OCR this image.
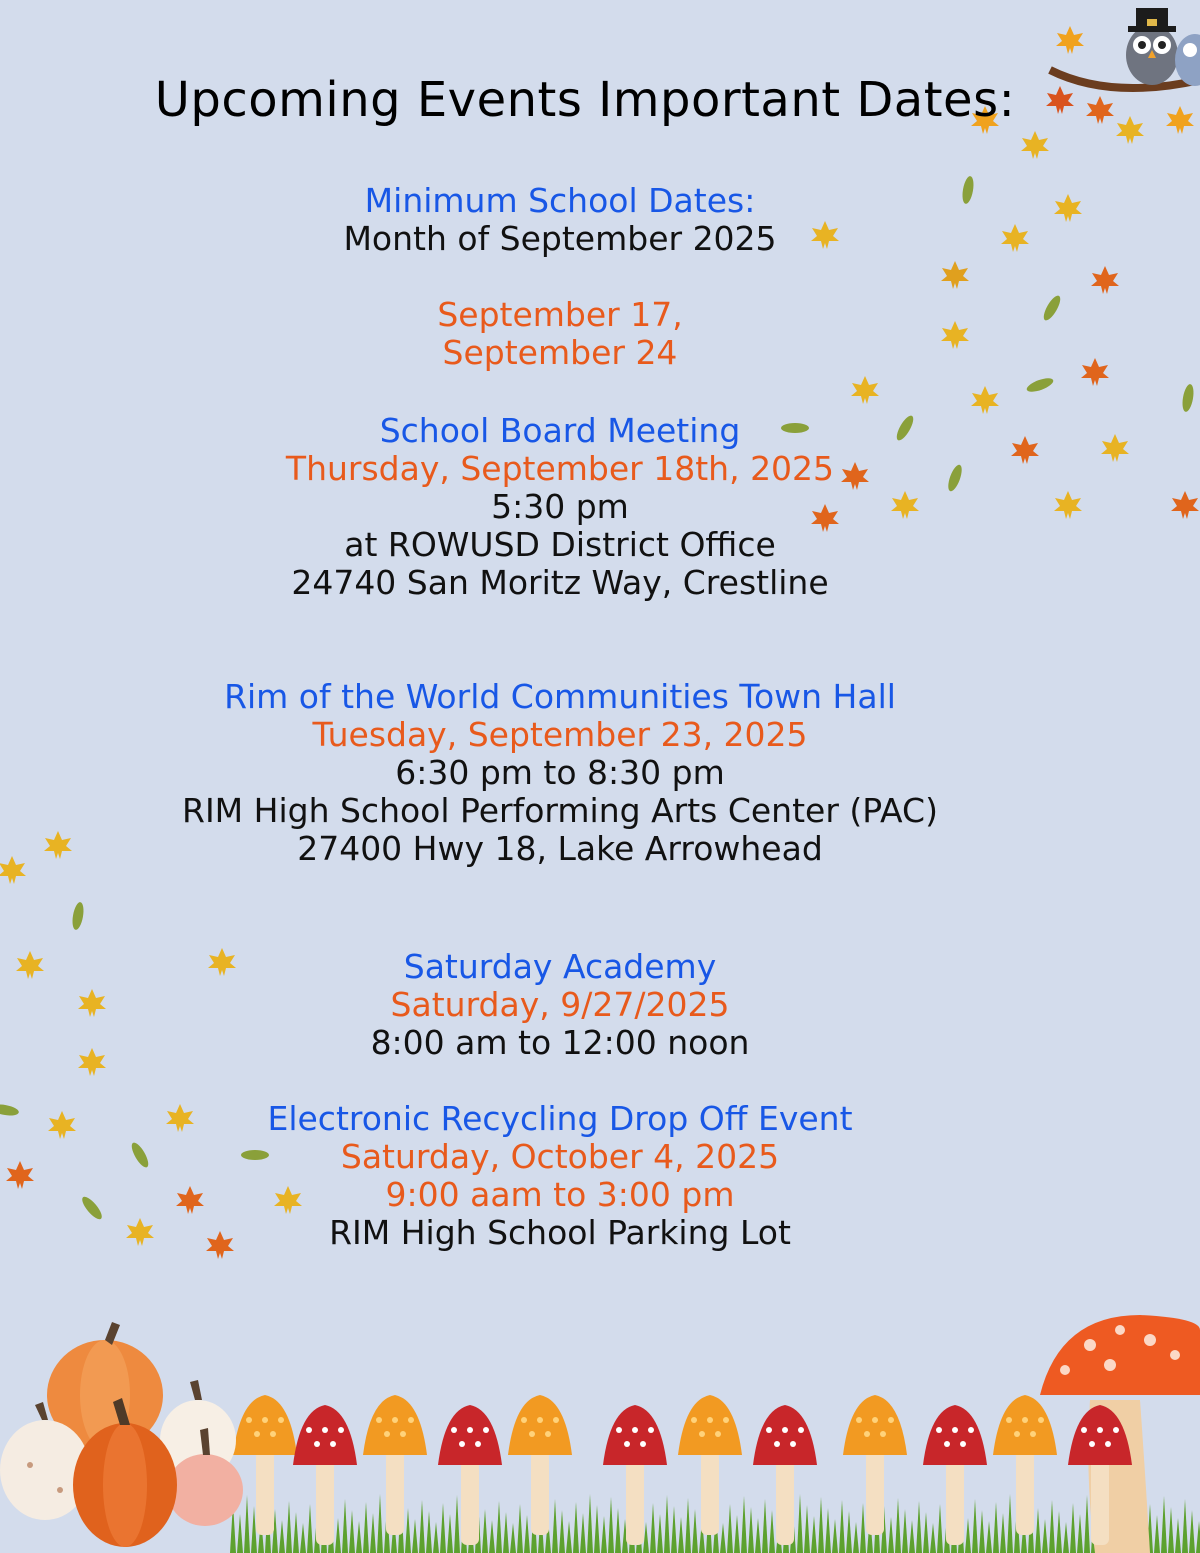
Upcoming Events Important Dates:
Minimum School Dates:
Month of September 2025
September 17,
September 24
School Board Meeting
Thursday, September 18th, 2025
5:30 pm
at ROWUSD District Office
24740 San Moritz Way, Crestline
Rim of the World Communities Town Hall
Tuesday, September 23, 2025
6:30 pm to 8:30 pm
RIM High School Performing Arts Center (PAC)
27400 Hwy 18, Lake Arrowhead
Saturday Academy
Saturday, 9/27/2025
8:00 am to 12:00 noon
Electronic Recycling Drop Off Event
Saturday, October 4, 2025
9:00 aam to 3:00 pm
RIM High School Parking Lot
